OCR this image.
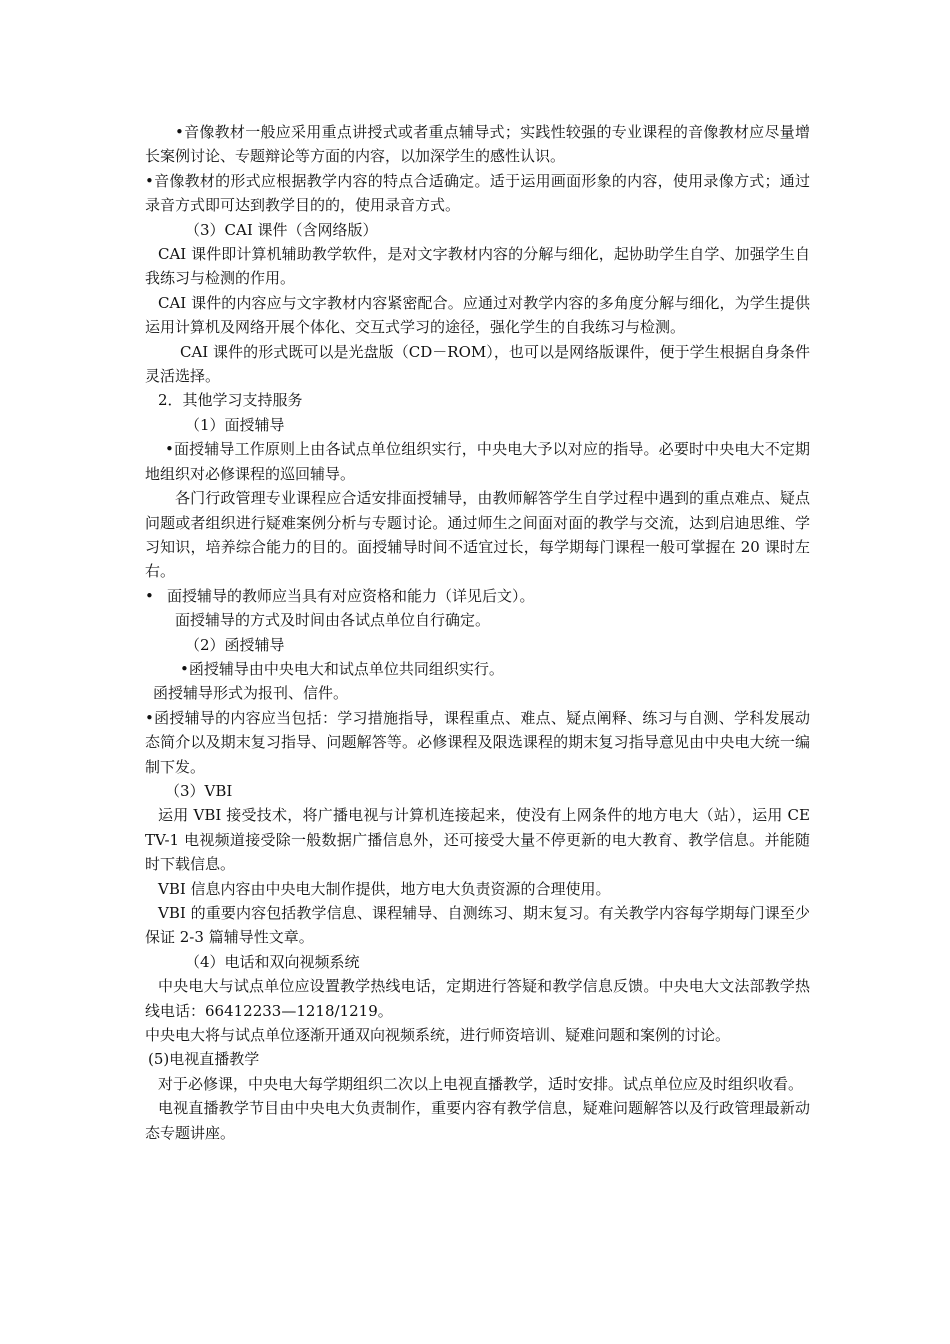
•音像教材一般应采用重点讲授式或者重点辅导式；实践性较强的专业课程的音像教材应尽量增长案例讨论、专题辩论等方面的内容，以加深学生的感性认识。

•音像教材的形式应根据教学内容的特点合适确定。适于运用画面形象的内容，使用录像方式；通过录音方式即可达到教学目的的，使用录音方式。

（3）CAI 课件（含网络版）

CAI 课件即计算机辅助教学软件，是对文字教材内容的分解与细化，起协助学生自学、加强学生自我练习与检测的作用。

CAI 课件的内容应与文字教材内容紧密配合。应通过对教学内容的多角度分解与细化，为学生提供运用计算机及网络开展个体化、交互式学习的途径，强化学生的自我练习与检测。

CAI 课件的形式既可以是光盘版（CD－ROM），也可以是网络版课件，便于学生根据自身条件灵活选择。

2．其他学习支持服务

（1）面授辅导

•面授辅导工作原则上由各试点单位组织实行，中央电大予以对应的指导。必要时中央电大不定期地组织对必修课程的巡回辅导。

各门行政管理专业课程应合适安排面授辅导，由教师解答学生自学过程中遇到的重点难点、疑点问题或者组织进行疑难案例分析与专题讨论。通过师生之间面对面的教学与交流，达到启迪思维、学习知识，培养综合能力的目的。面授辅导时间不适宜过长，每学期每门课程一般可掌握在 20 课时左右。

• 面授辅导的教师应当具有对应资格和能力（详见后文）。

面授辅导的方式及时间由各试点单位自行确定。

（2）函授辅导

•函授辅导由中央电大和试点单位共同组织实行。

函授辅导形式为报刊、信件。

•函授辅导的内容应当包括：学习措施指导，课程重点、难点、疑点阐释、练习与自测、学科发展动态简介以及期末复习指导、问题解答等。必修课程及限选课程的期末复习指导意见由中央电大统一编制下发。

（3）VBI

运用 VBI 接受技术，将广播电视与计算机连接起来，使没有上网条件的地方电大（站），运用 CETV-1 电视频道接受除一般数据广播信息外，还可接受大量不停更新的电大教育、教学信息。并能随时下载信息。

VBI 信息内容由中央电大制作提供，地方电大负责资源的合理使用。

VBI 的重要内容包括教学信息、课程辅导、自测练习、期末复习。有关教学内容每学期每门课至少保证 2-3 篇辅导性文章。

（4）电话和双向视频系统

中央电大与试点单位应设置教学热线电话，定期进行答疑和教学信息反馈。中央电大文法部教学热线电话：66412233—1218/1219。

中央电大将与试点单位逐渐开通双向视频系统，进行师资培训、疑难问题和案例的讨论。

(5)电视直播教学

对于必修课，中央电大每学期组织二次以上电视直播教学，适时安排。试点单位应及时组织收看。

电视直播教学节目由中央电大负责制作，重要内容有教学信息，疑难问题解答以及行政管理最新动态专题讲座。
